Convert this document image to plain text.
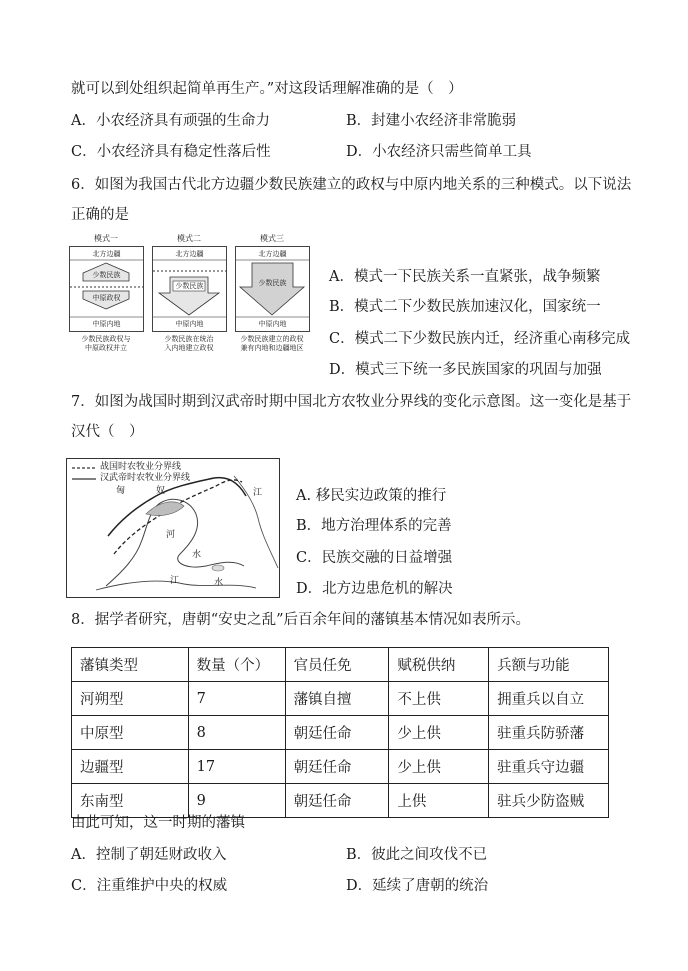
就可以到处组织起简单再生产。”对这段话理解准确的是（　）
A．小农经济具有顽强的生命力	B．封建小农经济非常脆弱
C．小农经济具有稳定性落后性	D．小农经济只需些简单工具
6．如图为我国古代北方边疆少数民族建立的政权与中原内地关系的三种模式。以下说法
正确的是
模式一
北方边疆
少数民族
中原政权
中原内地
少数民族政权与
中原政权并立
模式二
北方边疆
少数民族
中原内地
少数民族在统治
入内地建立政权
模式三
北方边疆
少数民族
中原内地
少数民族建立的政权
兼有内地和边疆地区
A．模式一下民族关系一直紧张，战争频繁
B．模式二下少数民族加速汉化，国家统一
C．模式二下少数民族内迁，经济重心南移完成
D．模式三下统一多民族国家的巩固与加强
7．如图为战国时期到汉武帝时期中国北方农牧业分界线的变化示意图。这一变化是基于
汉代（　）
战国时农牧业分界线
汉武帝时农牧业分界线
匈	奴
河
水
江
江	水
A. 移民实边政策的推行
B．地方治理体系的完善
C．民族交融的日益增强
D．北方边患危机的解决
8．据学者研究，唐朝“安史之乱”后百余年间的藩镇基本情况如表所示。
藩镇类型	数量（个）	官员任免	赋税供纳	兵额与功能
河朔型	7	藩镇自擅	不上供	拥重兵以自立
中原型	8	朝廷任命	少上供	驻重兵防骄藩
边疆型	17	朝廷任命	少上供	驻重兵守边疆
东南型	9	朝廷任命	上供	驻兵少防盗贼
由此可知，这一时期的藩镇
A．控制了朝廷财政收入	B．彼此之间攻伐不已
C．注重维护中央的权威	D．延续了唐朝的统治
